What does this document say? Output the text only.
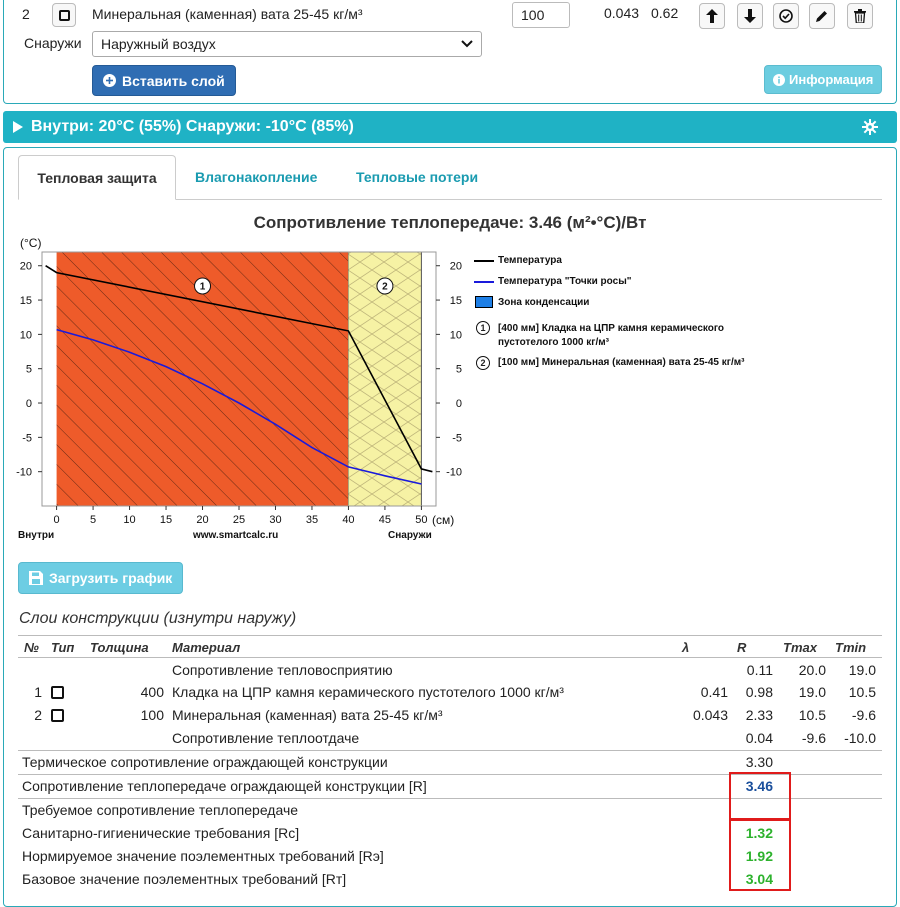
2	Минеральная (каменная) вата 25-45 кг/м³	100	0.043 0.62
Снаружи Наружный воздух
Вставить слой	Информация
Внутри: 20°C (55%) Снаружи: -10°C (85%)
Тепловая защита	Влагонакопление	Тепловые потери
Сопротивление теплопередаче: 3.46 (м²•°С)/Вт
1	2
0	5 10 15 20 25 30 35 40 45 50
20	20
15	15
10	10
5	5
0	0
-5	-5
-10	-10
(°C)
(см)
Внутри	www.smartcalc.ru	Снаружи
Температура
Температура "Точки росы"
Зона конденсации
1	[400 мм] Кладка на ЦПР камня керамического пустотелого 1000 кг/м³
2	[100 мм] Минеральная (каменная) вата 25-45 кг/м³
Загрузить график
Слои конструкции (изнутри наружу)
№ Тип Толщина Материал	λ	R	Tmax Tmin
Сопротивление тепловосприятию	0.11	20.0	19.0
1	400 Кладка на ЦПР камня керамического пустотелого 1000 кг/м³	0.41	0.98	19.0	10.5
2	100 Минеральная (каменная) вата 25-45 кг/м³	0.043	2.33	10.5	-9.6
Сопротивление теплоотдаче	0.04	-9.6	-10.0
Термическое сопротивление ограждающей конструкции	3.30
Сопротивление теплопередаче ограждающей конструкции [R]	3.46
Требуемое сопротивление теплопередаче
Санитарно-гигиенические требования [Rс]	1.32
Нормируемое значение поэлементных требований [Rэ]	1.92
Базовое значение поэлементных требований [Rт]	3.04
